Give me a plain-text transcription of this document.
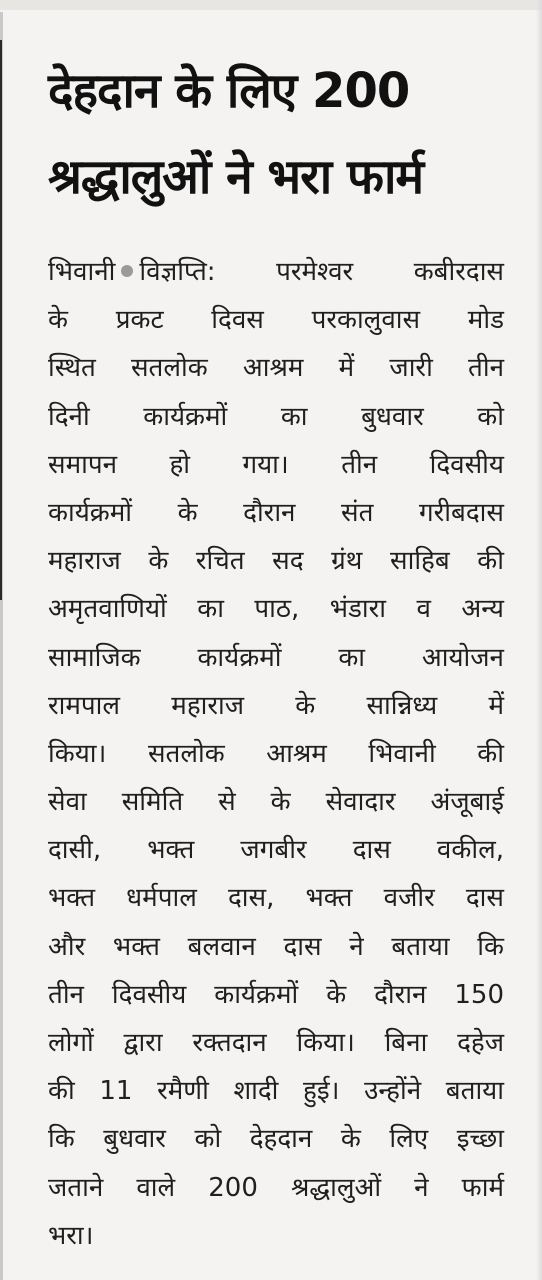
देहदान के लिए 200
श्रद्धालुओं ने भरा फार्म
भिवानी विज्ञप्ति: परमेश्वर कबीरदास
के प्रकट दिवस परकालुवास मोड
स्थित सतलोक आश्रम में जारी तीन
दिनी कार्यक्रमों का बुधवार को
समापन हो गया। तीन दिवसीय
कार्यक्रमों के दौरान संत गरीबदास
महाराज के रचित सद ग्रंथ साहिब की
अमृतवाणियों का पाठ, भंडारा व अन्य
सामाजिक कार्यक्रमों का आयोजन
रामपाल महाराज के सान्निध्य में
किया। सतलोक आश्रम भिवानी की
सेवा समिति से के सेवादार अंजूबाई
दासी, भक्त जगबीर दास वकील,
भक्त धर्मपाल दास, भक्त वजीर दास
और भक्त बलवान दास ने बताया कि
तीन दिवसीय कार्यक्रमों के दौरान 150
लोगों द्वारा रक्तदान किया। बिना दहेज
की 11 रमैणी शादी हुई। उन्होंने बताया
कि बुधवार को देहदान के लिए इच्छा
जताने वाले 200 श्रद्धालुओं ने फार्म
भरा।
